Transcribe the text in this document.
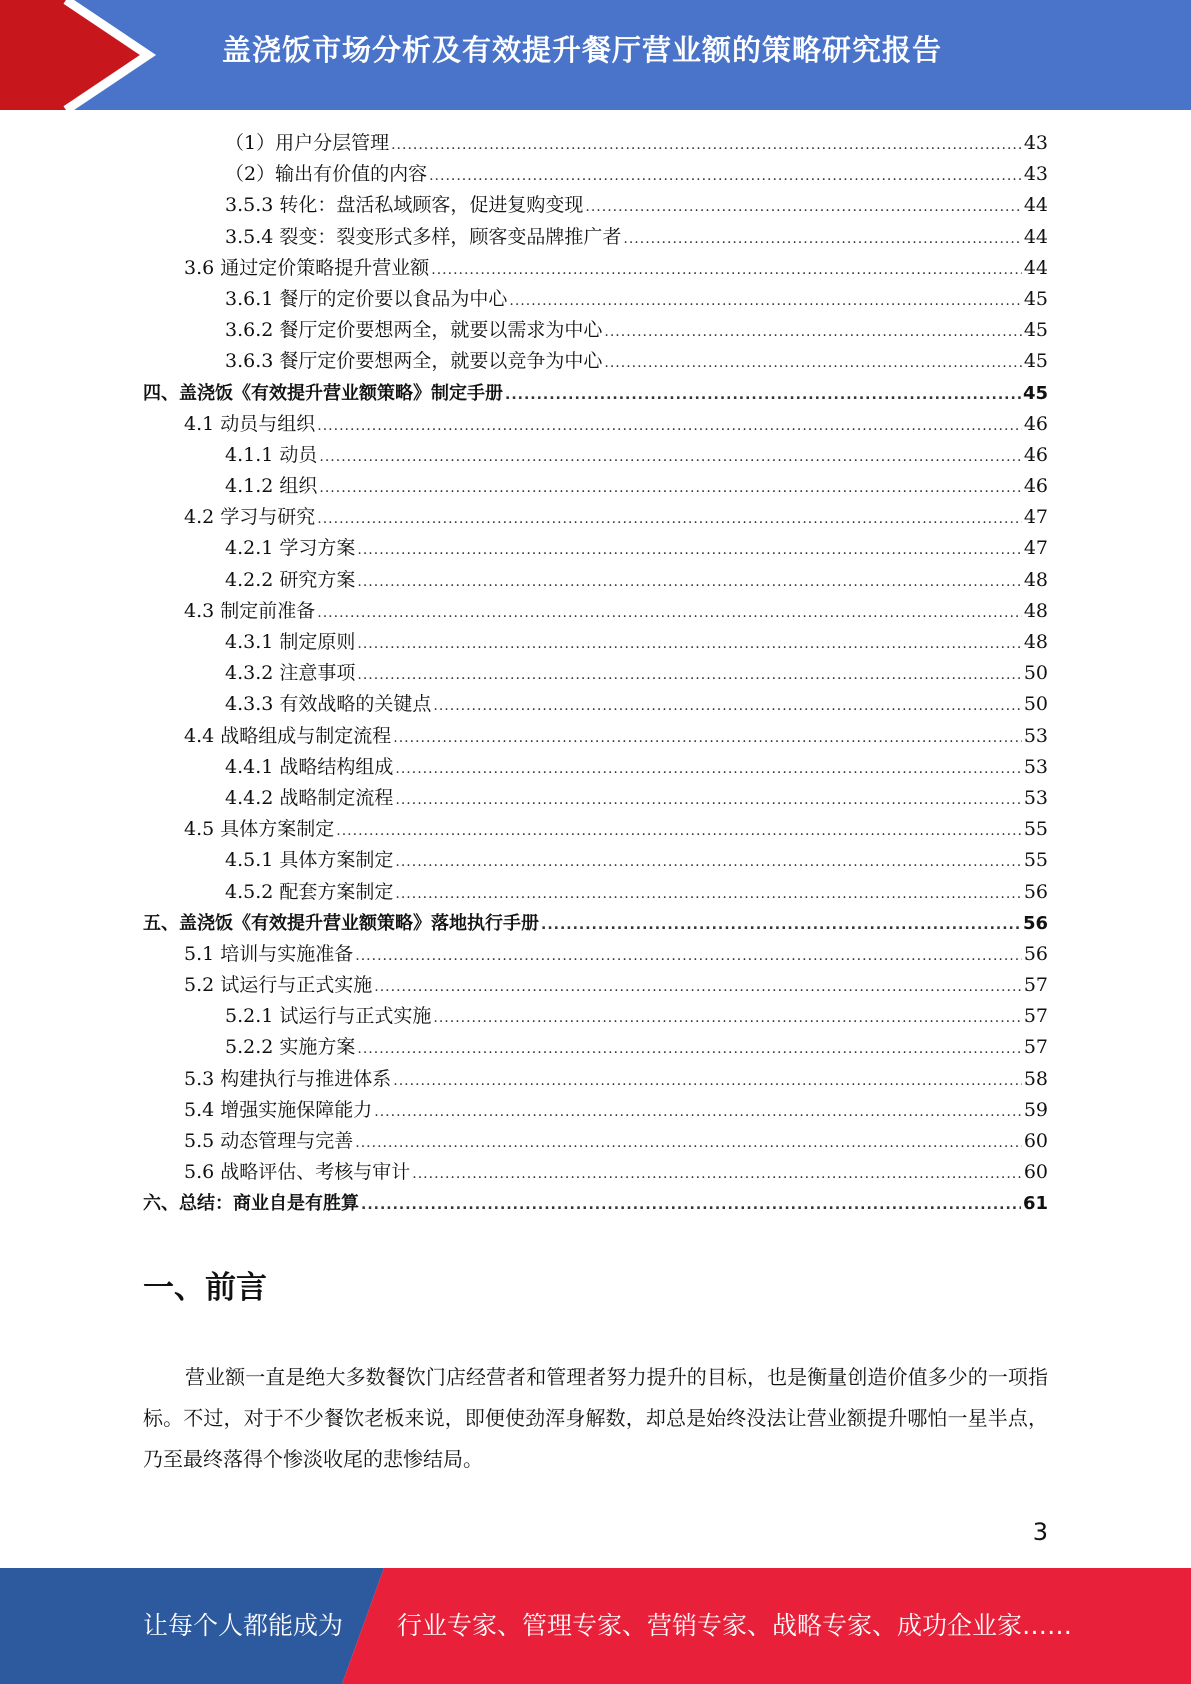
盖浇饭市场分析及有效提升餐厅营业额的策略研究报告
（1）用户分层管理 .....	43
（2）输出有价值的内容 .....	43
3.5.3 转化：盘活私域顾客，促进复购变现 .....	44
3.5.4 裂变：裂变形式多样，顾客变品牌推广者 .....	44
3.6 通过定价策略提升营业额 .....	44
3.6.1 餐厅的定价要以食品为中心 .....	45
3.6.2 餐厅定价要想两全，就要以需求为中心 .....	45
3.6.3 餐厅定价要想两全，就要以竞争为中心 .....	45
四、盖浇饭《有效提升营业额策略》制定手册 .....	45
4.1 动员与组织 .....	46
4.1.1 动员 .....	46
4.1.2 组织 .....	46
4.2 学习与研究 .....	47
4.2.1 学习方案 .....	47
4.2.2 研究方案 .....	48
4.3 制定前准备 .....	48
4.3.1 制定原则 .....	48
4.3.2 注意事项 .....	50
4.3.3 有效战略的关键点 .....	50
4.4 战略组成与制定流程 .....	53
4.4.1 战略结构组成 .....	53
4.4.2 战略制定流程 .....	53
4.5 具体方案制定 .....	55
4.5.1 具体方案制定 .....	55
4.5.2 配套方案制定 .....	56
五、盖浇饭《有效提升营业额策略》落地执行手册 .....	56
5.1 培训与实施准备 .....	56
5.2 试运行与正式实施 .....	57
5.2.1 试运行与正式实施 .....	57
5.2.2 实施方案 .....	57
5.3 构建执行与推进体系 .....	58
5.4 增强实施保障能力 .....	59
5.5 动态管理与完善 .....	60
5.6 战略评估、考核与审计 .....	60
六、总结：商业自是有胜算 .....	61
一、前言
营业额一直是绝大多数餐饮门店经营者和管理者努力提升的目标，也是衡量创造价值多少的一项指标。不过，对于不少餐饮老板来说，即便使劲浑身解数，却总是始终没法让营业额提升哪怕一星半点，乃至最终落得个惨淡收尾的悲惨结局。
3
让每个人都能成为 行业专家、管理专家、营销专家、战略专家、成功企业家……
